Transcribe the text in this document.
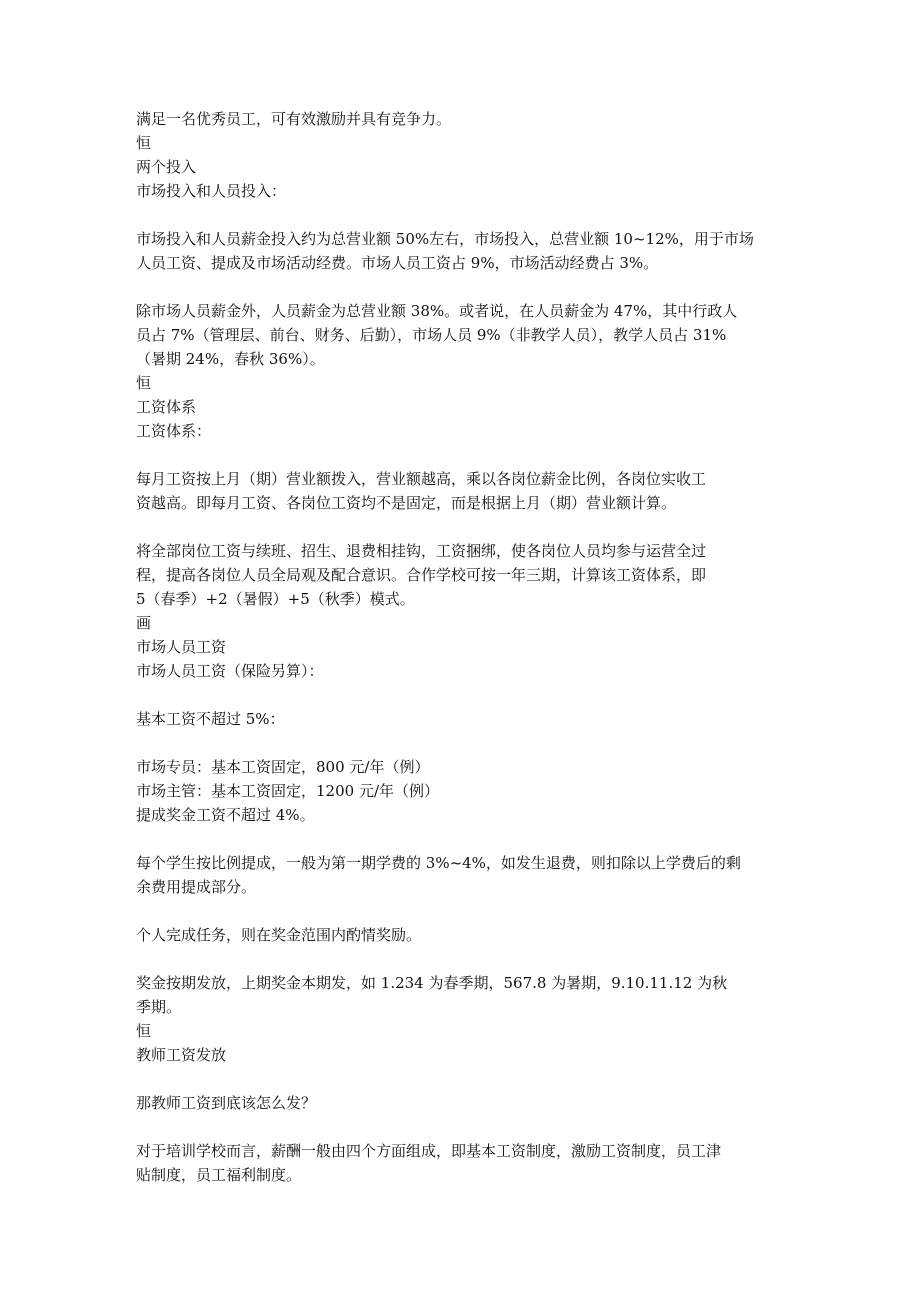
满足一名优秀员工，可有效激励并具有竞争力。
恒
两个投入
市场投入和人员投入：
市场投入和人员薪金投入约为总营业额 50%左右，市场投入，总营业额 10~12%，用于市场
人员工资、提成及市场活动经费。市场人员工资占 9%，市场活动经费占 3%。
除市场人员薪金外，人员薪金为总营业额 38%。或者说，在人员薪金为 47%，其中行政人
员占 7%（管理层、前台、财务、后勤），市场人员 9%（非教学人员），教学人员占 31%
（暑期 24%，春秋 36%）。
恒
工资体系
工资体系：
每月工资按上月（期）营业额拨入，营业额越高，乘以各岗位薪金比例，各岗位实收工
资越高。即每月工资、各岗位工资均不是固定，而是根据上月（期）营业额计算。
将全部岗位工资与续班、招生、退费相挂钩，工资捆绑，使各岗位人员均参与运营全过
程，提高各岗位人员全局观及配合意识。合作学校可按一年三期，计算该工资体系，即
5（春季）+2（暑假）+5（秋季）模式。
画
市场人员工资
市场人员工资（保险另算）：
基本工资不超过 5%：
市场专员：基本工资固定，800 元/年（例）
市场主管：基本工资固定，1200 元/年（例）
提成奖金工资不超过 4%。
每个学生按比例提成，一般为第一期学费的 3%~4%，如发生退费，则扣除以上学费后的剩
余费用提成部分。
个人完成任务，则在奖金范围内酌情奖励。
奖金按期发放，上期奖金本期发，如 1.234 为春季期，567.8 为暑期，9.10.11.12 为秋
季期。
恒
教师工资发放
那教师工资到底该怎么发？
对于培训学校而言，薪酬一般由四个方面组成，即基本工资制度，激励工资制度，员工津
贴制度，员工福利制度。
